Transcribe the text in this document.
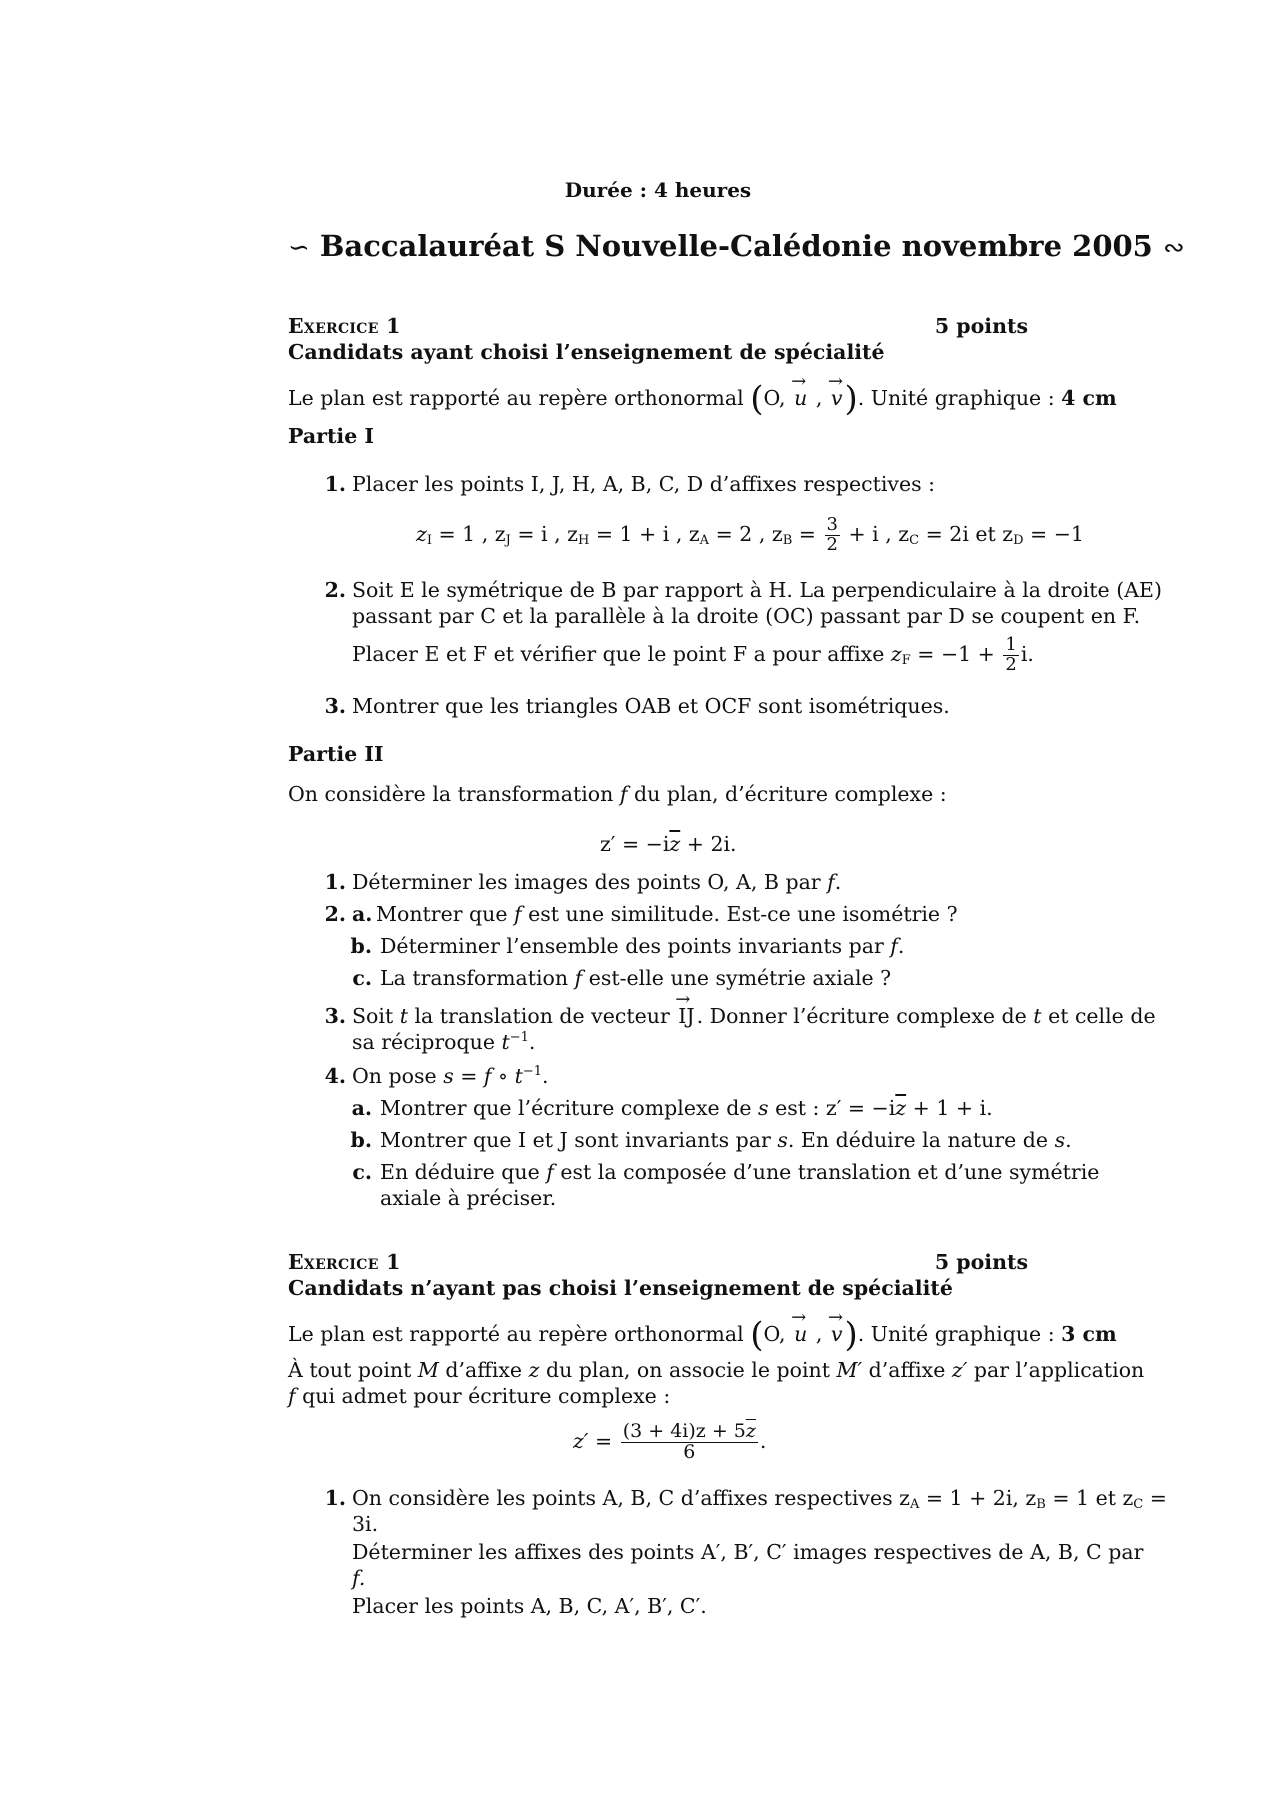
Durée : 4 heures
∽ Baccalauréat S Nouvelle-Calédonie novembre 2005 ∾
Exercice 1	5 points
Candidats ayant choisi l’enseignement de spécialité
Le plan est rapporté au repère orthonormal (O, → u , → v). Unité graphique : 4 cm
Partie I
1. Placer les points I, J, H, A, B, C, D d’affixes respectives :
$z_I = 1$ , $z_J = i$ , $z_H = 1 + i$ , $z_A = 2$ , $z_B = \frac{3}{2} + i$ , $z_C = 2i$ et $z_D = -1$
2. Soit E le symétrique de B par rapport à H. La perpendiculaire à la droite (AE)
passant par C et la parallèle à la droite (OC) passant par D se coupent en F.
Placer E et F et vérifier que le point F a pour affixe $z_F = -1 + \frac{1}{2} i$.
3. Montrer que les triangles OAB et OCF sont isométriques.
Partie II
On considère la transformation f du plan, d’écriture complexe :
$z' = -i\overline{z} + 2i$.
1. Déterminer les images des points O, A, B par f.
2. a. Montrer que f est une similitude. Est-ce une isométrie ?
b. Déterminer l’ensemble des points invariants par f.
c. La transformation f est-elle une symétrie axiale ?
3. Soit t la translation de vecteur → IJ. Donner l’écriture complexe de t et celle de
sa réciproque $t^{-1}$.
4. On pose s = f ∘ $t^{-1}$.
a. Montrer que l’écriture complexe de s est : $z' = -i\overline{z} + 1 + i$.
b. Montrer que I et J sont invariants par s. En déduire la nature de s.
c. En déduire que f est la composée d’une translation et d’une symétrie
axiale à préciser.
Exercice 1	5 points
Candidats n’ayant pas choisi l’enseignement de spécialité
Le plan est rapporté au repère orthonormal (O, → u , → v). Unité graphique : 3 cm
À tout point M d’affixe z du plan, on associe le point M′ d’affixe z′ par l’application
f qui admet pour écriture complexe :
$z' = \frac{(3 + 4i)z + 5\overline{z}}{6}$ .
1. On considère les points A, B, C d’affixes respectives $z_A = 1 + 2i$, $z_B = 1$ et $z_C$ =
3i.
Déterminer les affixes des points A′, B′, C′ images respectives de A, B, C par
f.
Placer les points A, B, C, A′, B′, C′.
